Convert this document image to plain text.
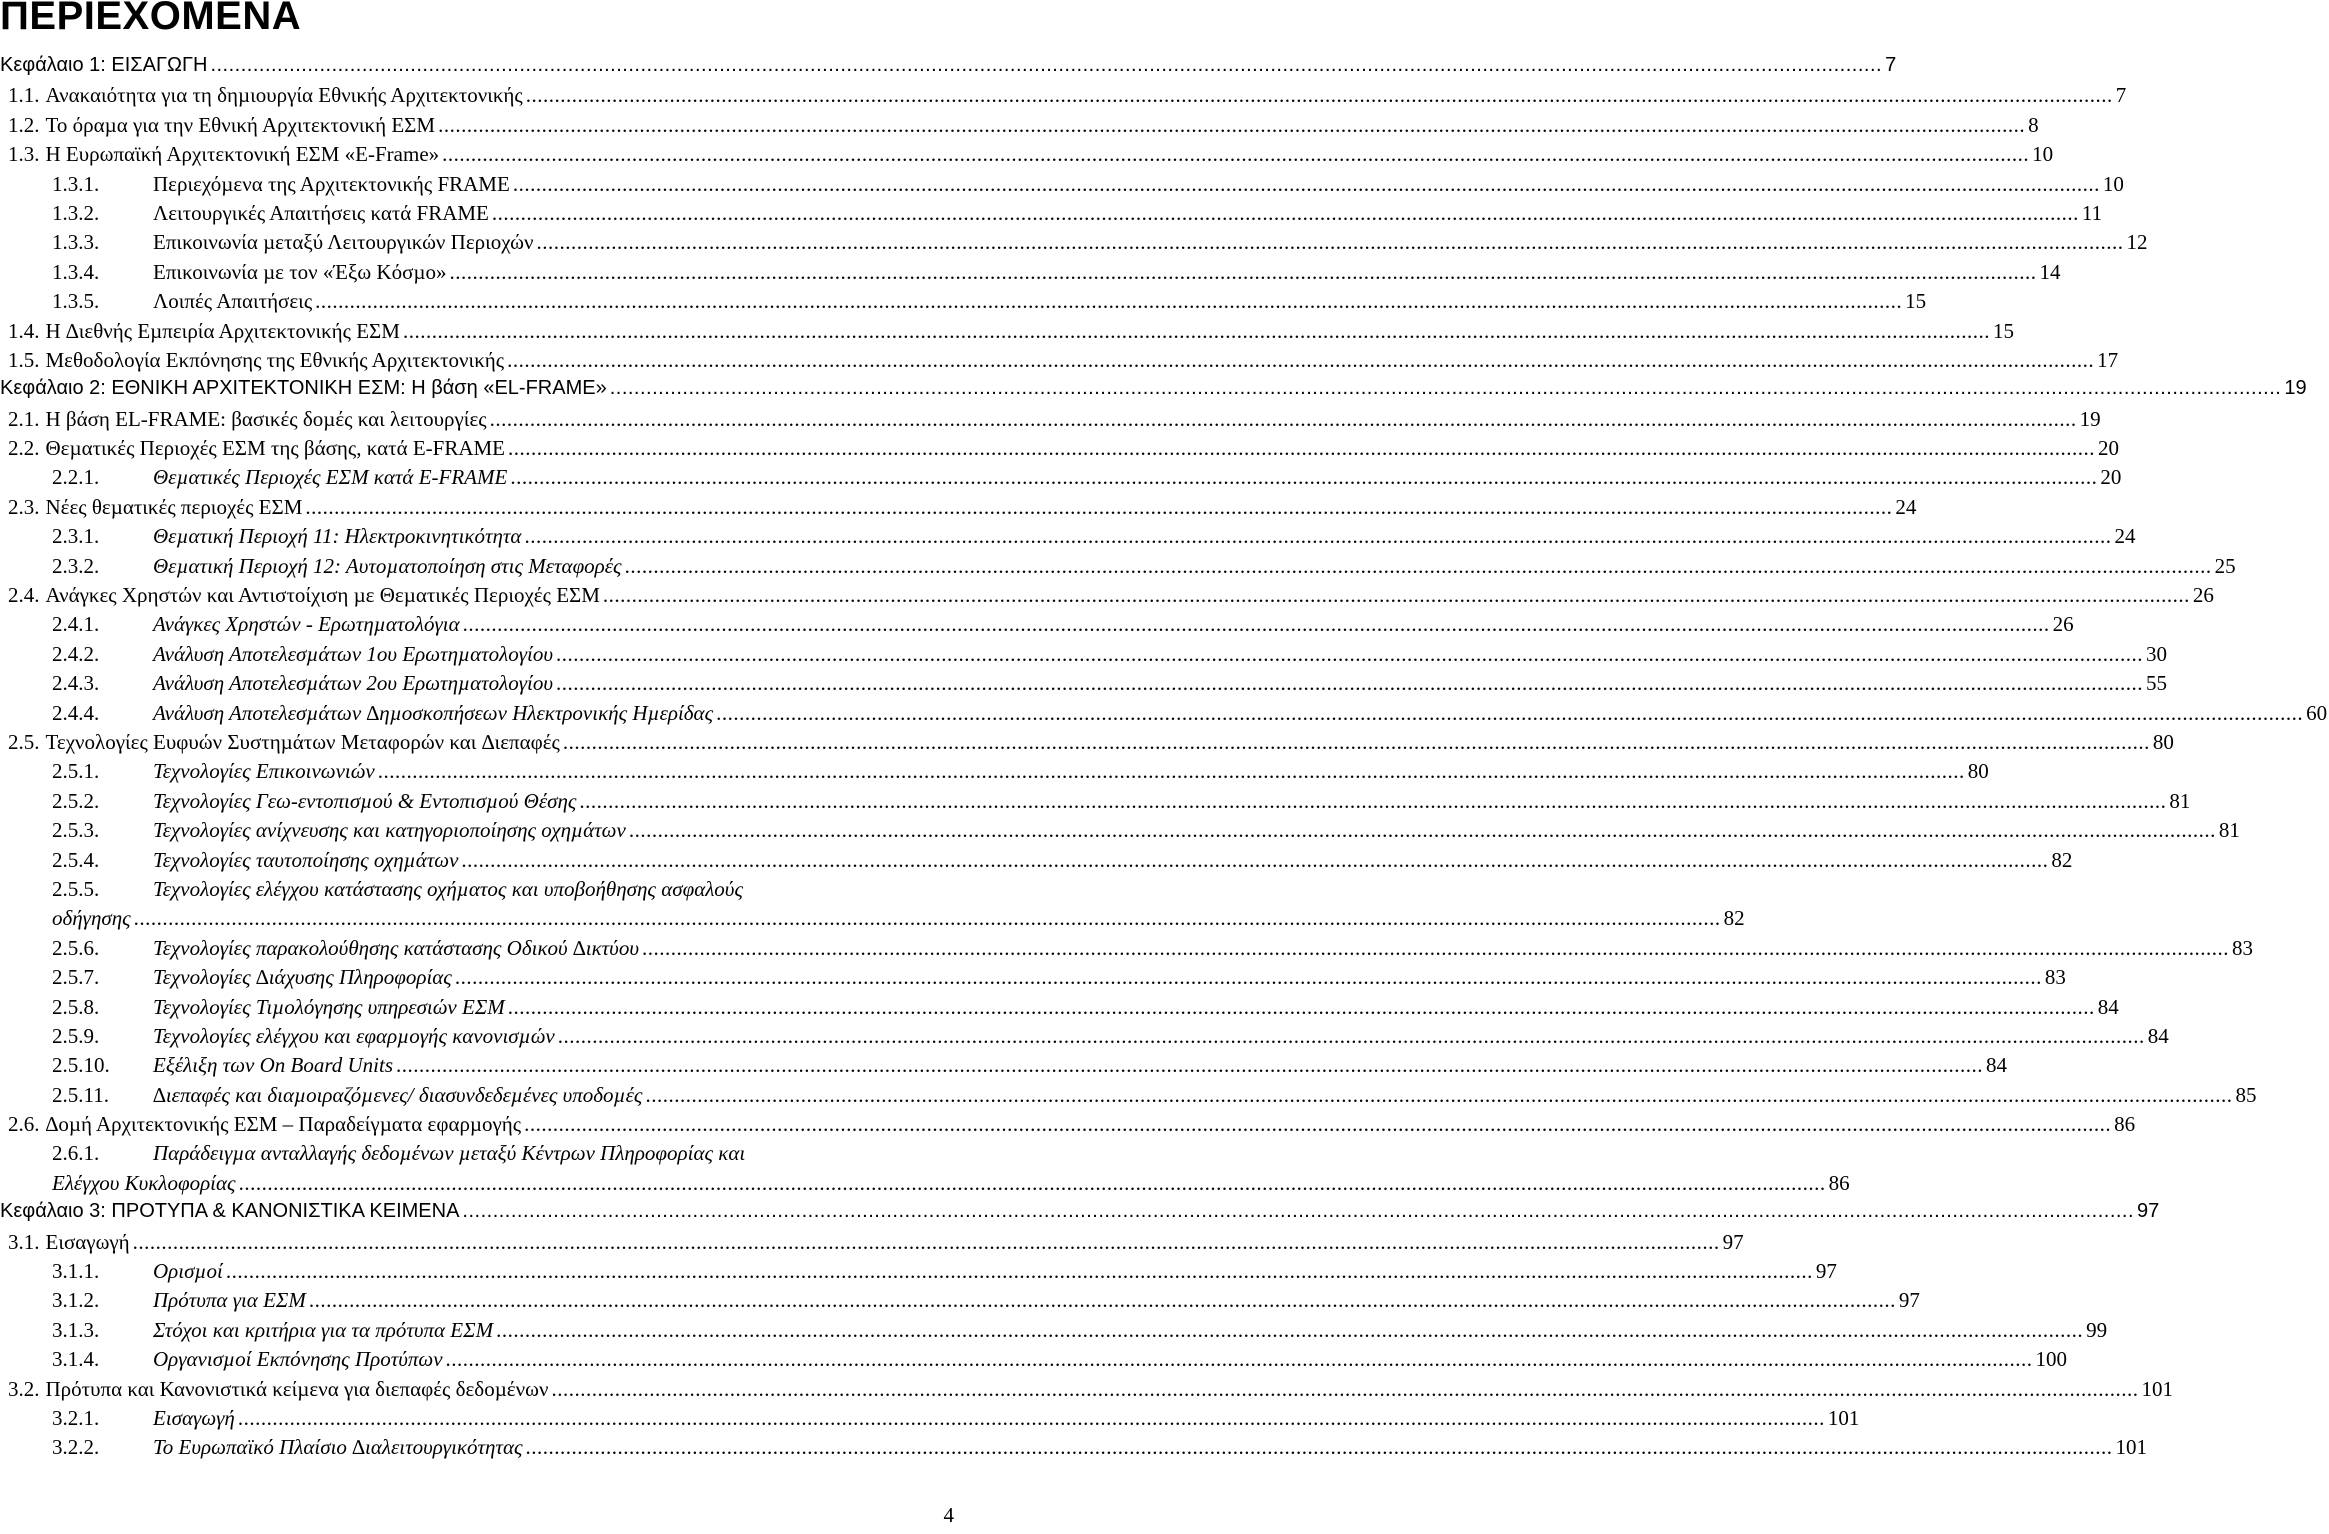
ΠΕΡΙΕΧΟΜΕΝΑ
Κεφάλαιο 1: ΕΙΣΑΓΩΓΗ .....	7
1.1. Ανακαιότητα για τη δηµιουργία Εθνικής Αρχιτεκτονικής .....	7
1.2. Το όραµα για την Εθνική Αρχιτεκτονική ΕΣΜ .....	8
1.3. Η Ευρωπαϊκή Αρχιτεκτονική ΕΣΜ «E-Frame» .....	10
1.3.1.	Περιεχόµενα της Αρχιτεκτονικής FRAME .....	10
1.3.2.	Λειτουργικές Απαιτήσεις κατά FRAME .....	11
1.3.3.	Επικοινωνία µεταξύ Λειτουργικών Περιοχών .....	12
1.3.4.	Επικοινωνία µε τον «Έξω Κόσµο» .....	14
1.3.5.	Λοιπές Απαιτήσεις .....	15
1.4. Η ∆ιεθνής Εµπειρία Αρχιτεκτονικής ΕΣΜ .....	15
1.5. Μεθοδολογία Εκπόνησης της Εθνικής Αρχιτεκτονικής .....	17
Κεφάλαιο 2: ΕΘΝΙΚΗ ΑΡΧΙΤΕΚΤΟΝΙΚΗ ΕΣΜ: Η βάση «EL-FRAME» .....	19
2.1. Η βάση EL-FRAME: βασικές δοµές και λειτουργίες .....	19
2.2. Θεµατικές Περιοχές ΕΣΜ της βάσης, κατά E-FRAME .....	20
2.2.1.	Θεµατικές Περιοχές ΕΣΜ κατά E-FRAME .....	20
2.3. Νέες θεµατικές περιοχές ΕΣΜ .....	24
2.3.1.	Θεµατική Περιοχή 11: Ηλεκτροκινητικότητα .....	24
2.3.2.	Θεµατική Περιοχή 12: Αυτοµατοποίηση στις Μεταφορές .....	25
2.4. Ανάγκες Χρηστών και Αντιστοίχιση µε Θεµατικές Περιοχές ΕΣΜ .....	26
2.4.1.	Ανάγκες Χρηστών - Ερωτηµατολόγια .....	26
2.4.2.	Ανάλυση Αποτελεσµάτων 1ου Ερωτηµατολογίου .....	30
2.4.3.	Ανάλυση Αποτελεσµάτων 2ου Ερωτηµατολογίου .....	55
2.4.4.	Ανάλυση Αποτελεσµάτων ∆ηµοσκοπήσεων Ηλεκτρονικής Ηµερίδας .....	60
2.5. Τεχνολογίες Ευφυών Συστηµάτων Μεταφορών και ∆ιεπαφές .....	80
2.5.1.	Τεχνολογίες Επικοινωνιών .....	80
2.5.2.	Τεχνολογίες Γεω-εντοπισµού & Εντοπισµού Θέσης .....	81
2.5.3.	Τεχνολογίες ανίχνευσης και κατηγοριοποίησης οχηµάτων .....	81
2.5.4.	Τεχνολογίες ταυτοποίησης οχηµάτων .....	82
2.5.5.	Τεχνολογίες ελέγχου κατάστασης οχήµατος και υποβοήθησης ασφαλούς
οδήγησης .....	82
2.5.6.	Τεχνολογίες παρακολούθησης κατάστασης Οδικού ∆ικτύου .....	83
2.5.7.	Τεχνολογίες ∆ιάχυσης Πληροφορίας .....	83
2.5.8.	Τεχνολογίες Τιµολόγησης υπηρεσιών ΕΣΜ .....	84
2.5.9.	Τεχνολογίες ελέγχου και εφαρµογής κανονισµών .....	84
2.5.10.	Εξέλιξη των On Board Units .....	84
2.5.11.	∆ιεπαφές και διαµοιραζόµενες/ διασυνδεδεµένες υποδοµές .....	85
2.6. ∆οµή Αρχιτεκτονικής ΕΣΜ – Παραδείγµατα εφαρµογής .....	86
2.6.1.	Παράδειγµα ανταλλαγής δεδοµένων µεταξύ Κέντρων Πληροφορίας και
Ελέγχου Κυκλοφορίας .....	86
Κεφάλαιο 3: ΠΡΟΤΥΠΑ & ΚΑΝΟΝΙΣΤΙΚΑ ΚΕΙΜΕΝΑ .....	97
3.1. Εισαγωγή .....	97
3.1.1.	Ορισµοί .....	97
3.1.2.	Πρότυπα για ΕΣΜ .....	97
3.1.3.	Στόχοι και κριτήρια για τα πρότυπα ΕΣΜ .....	99
3.1.4.	Οργανισµοί Εκπόνησης Προτύπων .....	100
3.2. Πρότυπα και Κανονιστικά κείµενα για διεπαφές δεδοµένων .....	101
3.2.1.	Εισαγωγή .....	101
3.2.2.	Το Ευρωπαϊκό Πλαίσιο ∆ιαλειτουργικότητας .....	101
4
